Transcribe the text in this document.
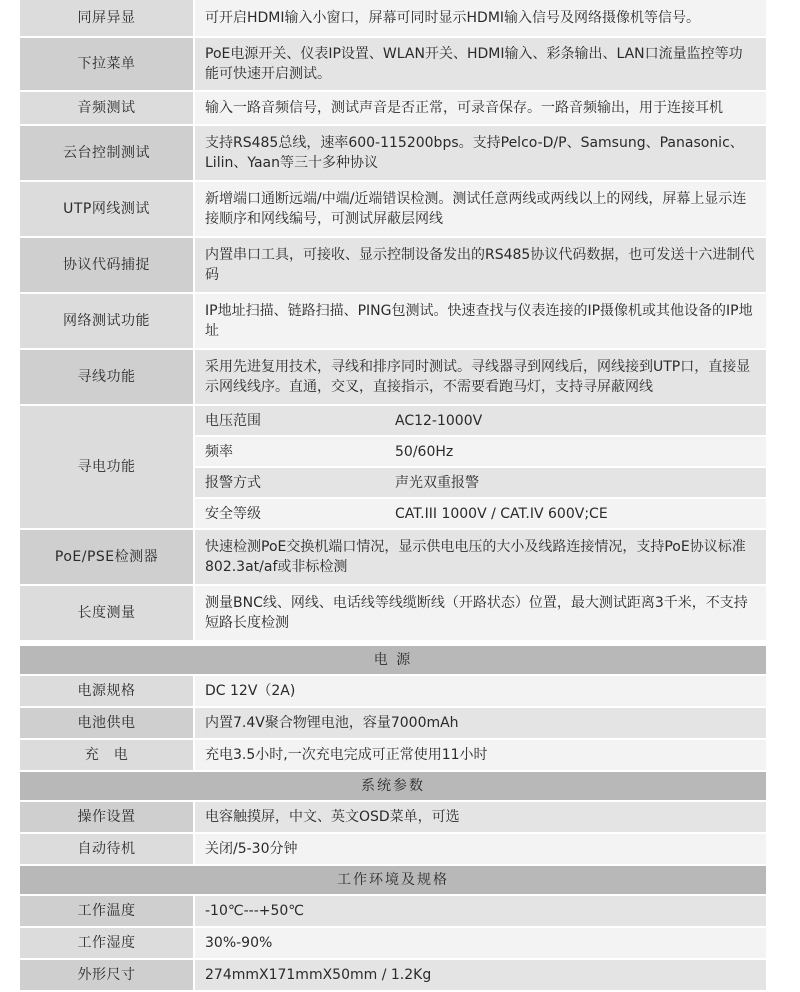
同屏异显	可开启HDMI输入小窗口，屏幕可同时显示HDMI输入信号及网络摄像机等信号。
下拉菜单	PoE电源开关、仪表IP设置、WLAN开关、HDMI输入、彩条输出、LAN口流量监控等功能可快速开启测试。
音频测试	输入一路音频信号，测试声音是否正常，可录音保存。一路音频输出，用于连接耳机
云台控制测试	支持RS485总线，速率600-115200bps。支持Pelco-D/P、Samsung、Panasonic、Lilin、Yaan等三十多种协议
UTP网线测试	新增端口通断远端/中端/近端错误检测。测试任意两线或两线以上的网线，屏幕上显示连接顺序和网线编号，可测试屏蔽层网线
协议代码捕捉	内置串口工具，可接收、显示控制设备发出的RS485协议代码数据，也可发送十六进制代码
网络测试功能	IP地址扫描、链路扫描、PING包测试。快速查找与仪表连接的IP摄像机或其他设备的IP地址
寻线功能	采用先进复用技术，寻线和排序同时测试。寻线器寻到网线后，网线接到UTP口，直接显示网线线序。直通，交叉，直接指示，不需要看跑马灯，支持寻屏蔽网线
寻电功能	
电压范围	AC12-1000V
频率	50/60Hz
报警方式	声光双重报警
安全等级	CAT.III 1000V / CAT.IV 600V;CE

PoE/PSE检测器	快速检测PoE交换机端口情况，显示供电电压的大小及线路连接情况，支持PoE协议标准802.3at/af或非标检测
长度测量	测量BNC线、网线、电话线等线缆断线（开路状态）位置，最大测试距离3千米，不支持短路长度检测

电 源
电源规格	DC 12V（2A)
电池供电	内置7.4V聚合物锂电池，容量7000mAh
充　电	充电3.5小时,一次充电完成可正常使用11小时
系统参数
操作设置	电容触摸屏，中文、英文OSD菜单，可选
自动待机	关闭/5-30分钟
工作环境及规格
工作温度	-10℃---+50℃
工作湿度	30%-90%
外形尺寸	274mmX171mmX50mm / 1.2Kg
